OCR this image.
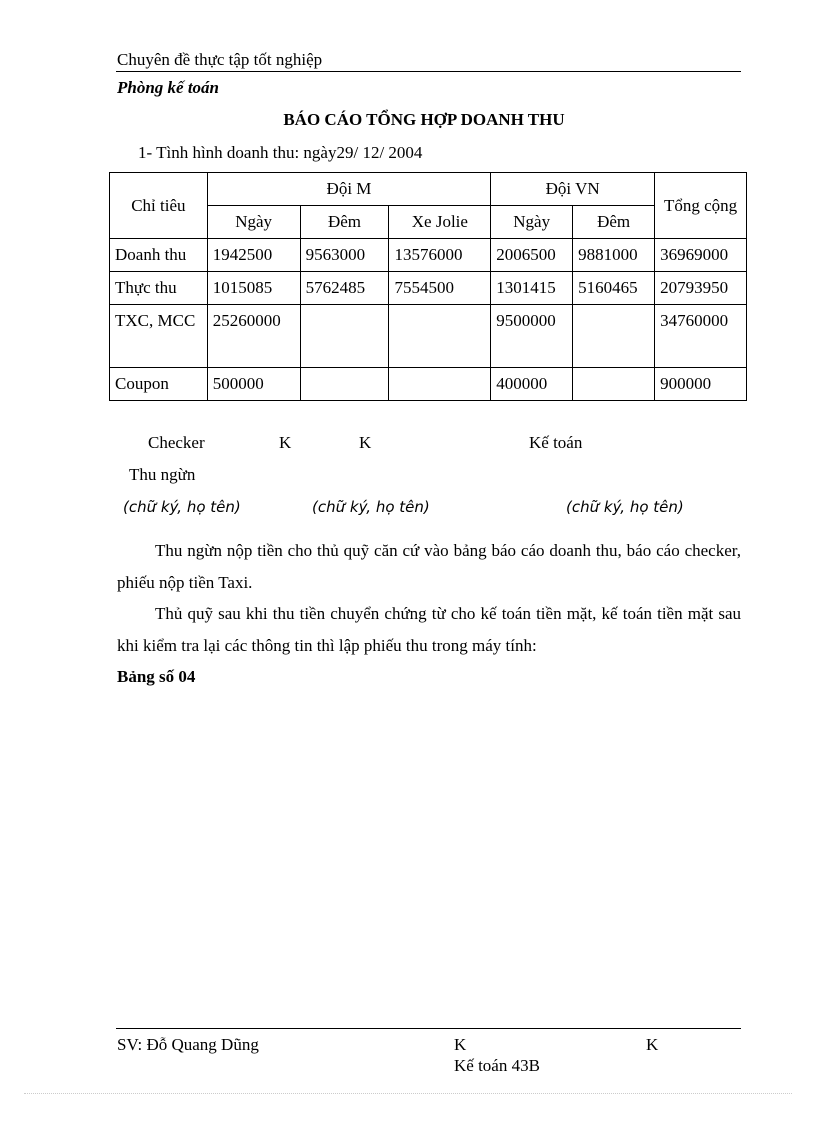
Chuyên đề thực tập tốt nghiệp
Phòng kế toán
BÁO CÁO TỔNG HỢP DOANH THU
1- Tình hình doanh thu: ngày29/ 12/ 2004
Chỉ tiêu	Đội M			Đội VN		Tổng cộng
	Ngày	Đêm	Xe Jolie	Ngày	Đêm	
Doanh thu	1942500	9563000	13576000	2006500	9881000	36969000
Thực thu	1015085	5762485	7554500	1301415	5160465	20793950
TXC, MCC	25260000			9500000		34760000
Coupon	500000			400000		900000
Checker	K	K	Kế toán
Thu ngừn
(chữ ký, họ tên)	(chữ ký, họ tên)	(chữ ký, họ tên)
Thu ngừn nộp tiền cho thủ quỹ căn cứ vào bảng báo cáo doanh thu, báo cáo checker, phiếu nộp tiền Taxi.
Thủ quỹ sau khi thu tiền chuyển chứng từ cho kế toán tiền mặt, kế toán tiền mặt sau khi kiểm tra lại các thông tin thì lập phiếu thu trong máy tính:
Bảng số 04
SV: Đỗ Quang Dũng	K	K
Kế toán 43B
